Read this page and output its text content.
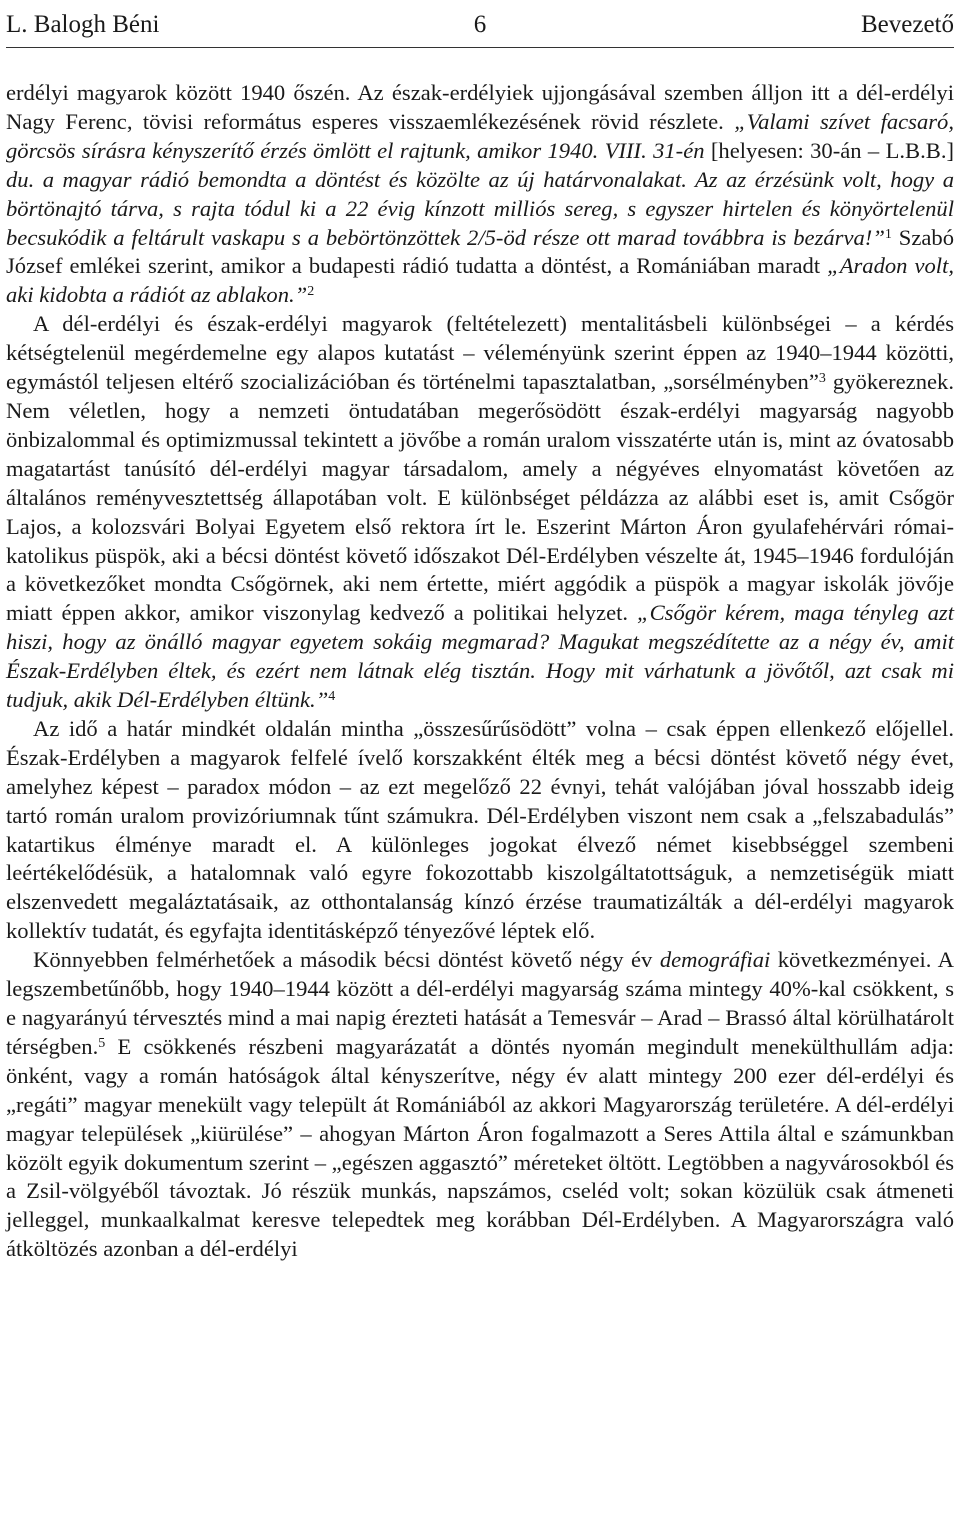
L. Balogh Béni	6	Bevezető

erdélyi magyarok között 1940 őszén. Az észak-erdélyiek ujjongásával szemben álljon itt a dél-erdélyi Nagy Ferenc, tövisi református esperes visszaemlékezésének rövid részlete. „Valami szívet facsaró, görcsös sírásra kényszerítő érzés ömlött el rajtunk, amikor 1940. VIII. 31-én [helyesen: 30-án – L.B.B.] du. a magyar rádió bemondta a döntést és közölte az új határvonalakat. Az az érzésünk volt, hogy a börtönajtó tárva, s rajta tódul ki a 22 évig kínzott milliós sereg, s egyszer hirtelen és könyörtelenül becsukódik a feltárult vaskapu s a bebörtönzöttek 2/5-öd része ott marad továbbra is bezárva!”$^1$ Szabó József emlékei szerint, amikor a budapesti rádió tudatta a döntést, a Romániában maradt „Aradon volt, aki kidobta a rádiót az ablakon.”$^2$

A dél-erdélyi és észak-erdélyi magyarok (feltételezett) mentalitásbeli különbségei – a kérdés kétségtelenül megérdemelne egy alapos kutatást – véleményünk szerint éppen az 1940–1944 közötti, egymástól teljesen eltérő szocializációban és történelmi tapasztalatban, „sorsélményben”$^3$ gyökereznek. Nem véletlen, hogy a nemzeti öntudatában megerősödött észak-erdélyi magyarság nagyobb önbizalommal és optimizmussal tekintett a jövőbe a román uralom visszatérte után is, mint az óvatosabb magatartást tanúsító dél-erdélyi magyar társadalom, amely a négyéves elnyomatást követően az általános reményvesztettség állapotában volt. E különbséget példázza az alábbi eset is, amit Csőgör Lajos, a kolozsvári Bolyai Egyetem első rektora írt le. Eszerint Márton Áron gyulafehérvári római-katolikus püspök, aki a bécsi döntést követő időszakot Dél-Erdélyben vészelte át, 1945–1946 fordulóján a következőket mondta Csőgörnek, aki nem értette, miért aggódik a püspök a magyar iskolák jövője miatt éppen akkor, amikor viszonylag kedvező a politikai helyzet. „Csőgör kérem, maga tényleg azt hiszi, hogy az önálló magyar egyetem sokáig megmarad? Magukat megszédítette az a négy év, amit Észak-Erdélyben éltek, és ezért nem látnak elég tisztán. Hogy mit várhatunk a jövőtől, azt csak mi tudjuk, akik Dél-Erdélyben éltünk.”$^4$

Az idő a határ mindkét oldalán mintha „összesűrűsödött” volna – csak éppen ellenkező előjellel. Észak-Erdélyben a magyarok felfelé ívelő korszakként élték meg a bécsi döntést követő négy évet, amelyhez képest – paradox módon – az ezt megelőző 22 évnyi, tehát valójában jóval hosszabb ideig tartó román uralom provizóriumnak tűnt számukra. Dél-Erdélyben viszont nem csak a „felszabadulás” katartikus élménye maradt el. A különleges jogokat élvező német kisebbséggel szembeni leértékelődésük, a hatalomnak való egyre fokozottabb kiszolgáltatottságuk, a nemzetiségük miatt elszenvedett megaláztatásaik, az otthontalanság kínzó érzése traumatizálták a dél-erdélyi magyarok kollektív tudatát, és egyfajta identitásképző tényezővé léptek elő.

Könnyebben felmérhetőek a második bécsi döntést követő négy év demográfiai következményei. A legszembetűnőbb, hogy 1940–1944 között a dél-erdélyi magyarság száma mintegy 40%-kal csökkent, s e nagyarányú térvesztés mind a mai napig érezteti hatását a Temesvár – Arad – Brassó által körülhatárolt térségben.$^5$ E csökkenés részbeni magyarázatát a döntés nyomán megindult menekülthullám adja: önként, vagy a román hatóságok által kényszerítve, négy év alatt mintegy 200 ezer dél-erdélyi és „regáti” magyar menekült vagy települt át Romániából az akkori Magyarország területére. A dél-erdélyi magyar települések „kiürülése” – ahogyan Márton Áron fogalmazott a Seres Attila által e számunkban közölt egyik dokumentum szerint – „egészen aggasztó” méreteket öltött. Legtöbben a nagyvárosokból és a Zsil-völgyéből távoztak. Jó részük munkás, napszámos, cseléd volt; sokan közülük csak átmeneti jelleggel, munkaalkalmat keresve telepedtek meg korábban Dél-Erdélyben. A Magyarországra való átköltözés azonban a dél-erdélyi
